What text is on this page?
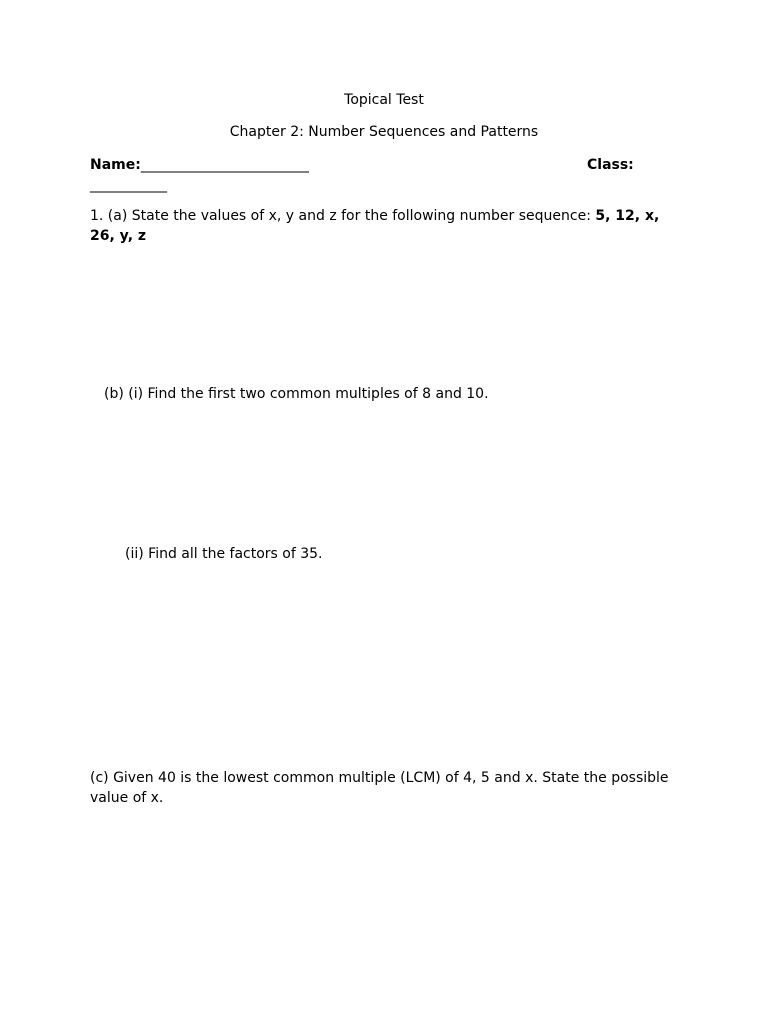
Topical Test
Chapter 2: Number Sequences and Patterns
Name:________________________	Class:
___________
1. (a) State the values of x, y and z for the following number sequence: 5, 12, x, 26, y, z
(b) (i) Find the first two common multiples of 8 and 10.
(ii) Find all the factors of 35.
(c) Given 40 is the lowest common multiple (LCM) of 4, 5 and x. State the possible value of x.
